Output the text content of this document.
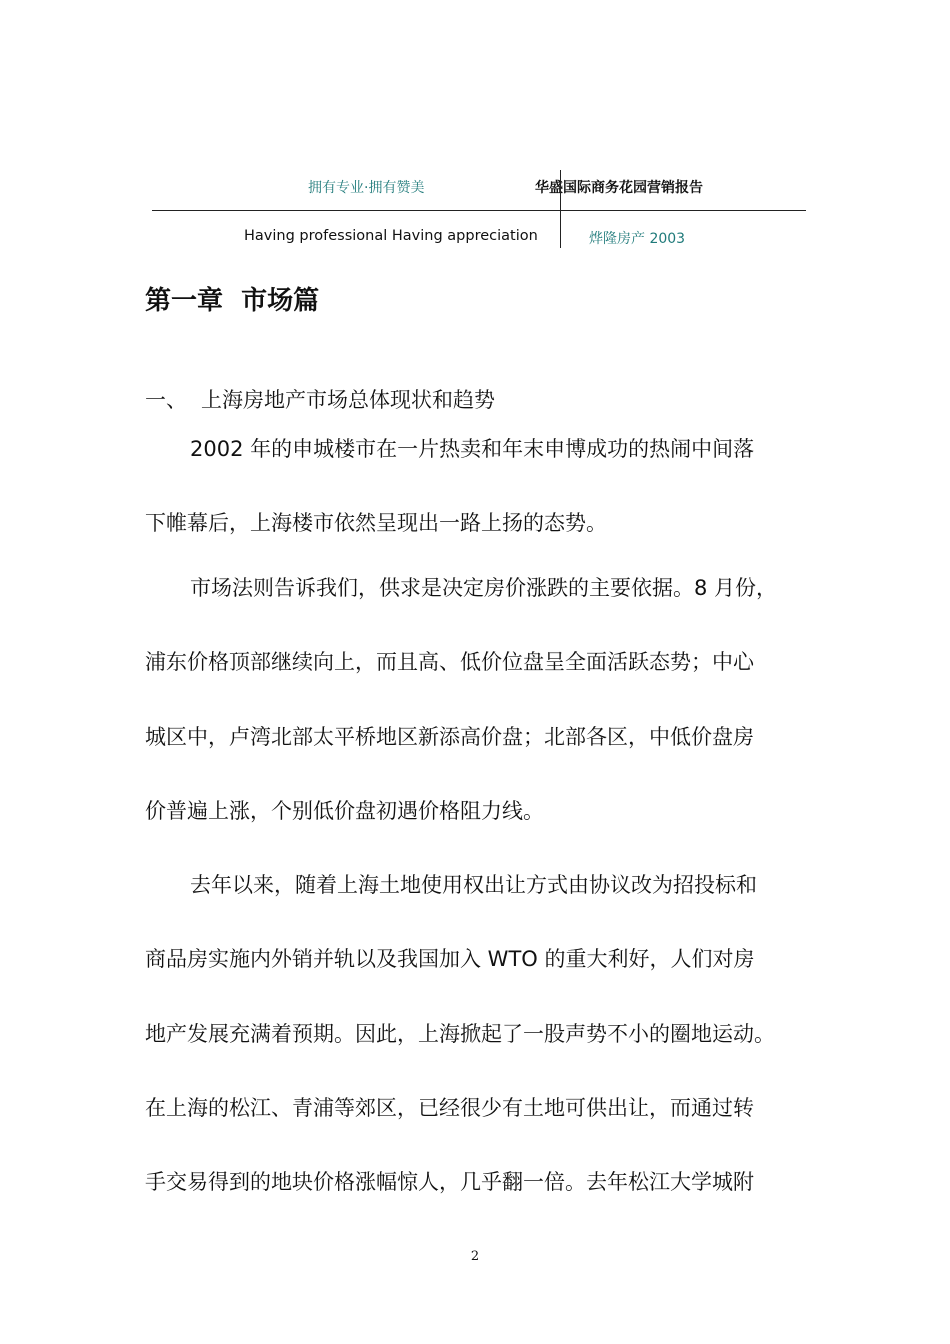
拥有专业·拥有赞美	华盛国际商务花园营销报告
Having professional Having appreciation	烨隆房产 2003
第一章  市场篇
一、 上海房地产市场总体现状和趋势
2002 年的申城楼市在一片热卖和年末申博成功的热闹中间落
下帷幕后，上海楼市依然呈现出一路上扬的态势。
市场法则告诉我们，供求是决定房价涨跌的主要依据。8 月份，
浦东价格顶部继续向上，而且高、低价位盘呈全面活跃态势；中心
城区中，卢湾北部太平桥地区新添高价盘；北部各区，中低价盘房
价普遍上涨，个别低价盘初遇价格阻力线。
去年以来，随着上海土地使用权出让方式由协议改为招投标和
商品房实施内外销并轨以及我国加入 WTO 的重大利好，人们对房
地产发展充满着预期。因此，上海掀起了一股声势不小的圈地运动。
在上海的松江、青浦等郊区，已经很少有土地可供出让，而通过转
手交易得到的地块价格涨幅惊人，几乎翻一倍。去年松江大学城附
2
